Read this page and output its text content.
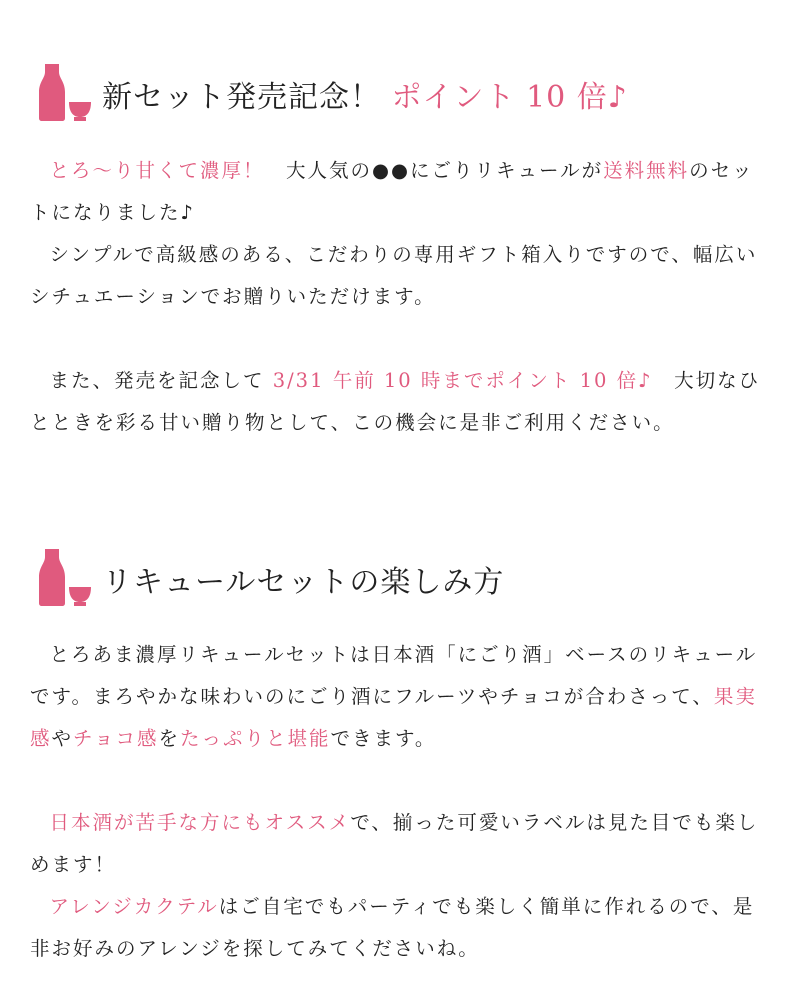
新セット発売記念！ ポイント 10 倍♪

とろ〜り甘くて濃厚！　大人気の●●にごりリキュールが送料無料のセットになりました♪

シンプルで高級感のある、こだわりの専用ギフト箱入りですので、幅広いシチュエーションでお贈りいただけます。

また、発売を記念して 3/31 午前 10 時までポイント 10 倍♪　大切なひとときを彩る甘い贈り物として、この機会に是非ご利用ください。

リキュールセットの楽しみ方

とろあま濃厚リキュールセットは日本酒「にごり酒」ベースのリキュールです。まろやかな味わいのにごり酒にフルーツやチョコが合わさって、果実感やチョコ感をたっぷりと堪能できます。

日本酒が苦手な方にもオススメで、揃った可愛いラベルは見た目でも楽しめます！

アレンジカクテルはご自宅でもパーティでも楽しく簡単に作れるので、是非お好みのアレンジを探してみてくださいね。
